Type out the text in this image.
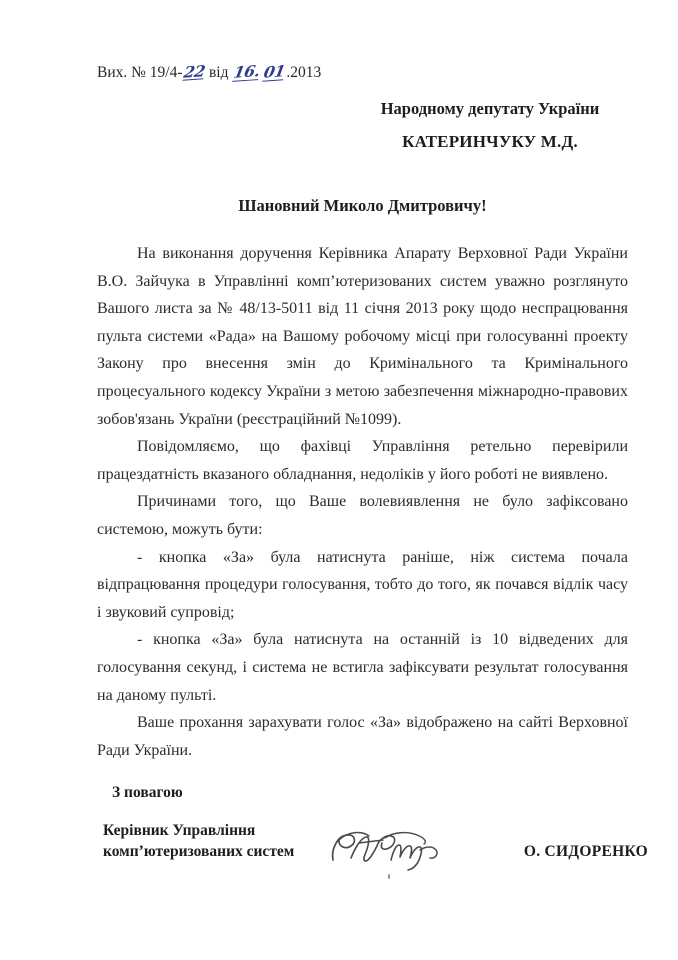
Вих. № 19/4-22 від 16.01.2013
Народному депутату України
КАТЕРИНЧУКУ М.Д.
Шановний Миколо Дмитровичу!

На виконання доручення Керівника Апарату Верховної Ради України В.О. Зайчука в Управлінні комп’ютеризованих систем уважно розглянуто Вашого листа за № 48/13-5011 від 11 січня 2013 року щодо неспрацювання пульта системи «Рада» на Вашому робочому місці при голосуванні проекту Закону про внесення змін до Кримінального та Кримінального процесуального кодексу України з метою забезпечення міжнародно-правових зобов'язань України (реєстраційний №1099).

Повідомляємо, що фахівці Управління ретельно перевірили працездатність вказаного обладнання, недоліків у його роботі не виявлено.

Причинами того, що Ваше волевиявлення не було зафіксовано системою, можуть бути:

- кнопка «За» була натиснута раніше, ніж система почала відпрацювання процедури голосування, тобто до того, як почався відлік часу і звуковий супровід;

- кнопка «За» була натиснута на останній із 10 відведених для голосування секунд, і система не встигла зафіксувати результат голосування на даному пульті.

Ваше прохання зарахувати голос «За» відображено на сайті Верховної Ради України.

З повагою
Керівник Управління
комп’ютеризованих систем	О. СИДОРЕНКО
